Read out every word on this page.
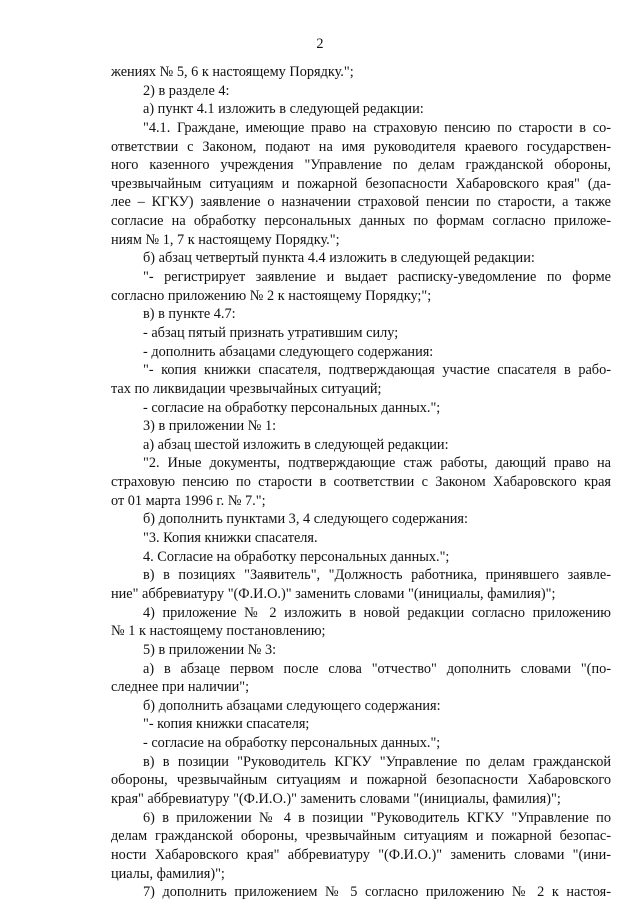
2
жениях № 5, 6 к настоящему Порядку.";
2) в разделе 4:
а) пункт 4.1 изложить в следующей редакции:
"4.1. Граждане, имеющие право на страховую пенсию по старости в со-
ответствии с Законом, подают на имя руководителя краевого государствен-
ного казенного учреждения "Управление по делам гражданской обороны,
чрезвычайным ситуациям и пожарной безопасности Хабаровского края" (да-
лее – КГКУ) заявление о назначении страховой пенсии по старости, а также
согласие на обработку персональных данных по формам согласно приложе-
ниям № 1, 7 к настоящему Порядку.";
б) абзац четвертый пункта 4.4 изложить в следующей редакции:
"- регистрирует заявление и выдает расписку-уведомление по форме
согласно приложению № 2 к настоящему Порядку;";
в) в пункте 4.7:
- абзац пятый признать утратившим силу;
- дополнить абзацами следующего содержания:
"- копия книжки спасателя, подтверждающая участие спасателя в рабо-
тах по ликвидации чрезвычайных ситуаций;
- согласие на обработку персональных данных.";
3) в приложении № 1:
а) абзац шестой изложить в следующей редакции:
"2. Иные документы, подтверждающие стаж работы, дающий право на
страховую пенсию по старости в соответствии с Законом Хабаровского края
от 01 марта 1996 г. № 7.";
б) дополнить пунктами 3, 4 следующего содержания:
"3. Копия книжки спасателя.
4. Согласие на обработку персональных данных.";
в) в позициях "Заявитель", "Должность работника, принявшего заявле-
ние" аббревиатуру "(Ф.И.О.)" заменить словами "(инициалы, фамилия)";
4) приложение № 2 изложить в новой редакции согласно приложению
№ 1 к настоящему постановлению;
5) в приложении № 3:
а) в абзаце первом после слова "отчество" дополнить словами "(по-
следнее при наличии";
б) дополнить абзацами следующего содержания:
"- копия книжки спасателя;
- согласие на обработку персональных данных.";
в) в позиции "Руководитель КГКУ "Управление по делам гражданской
обороны, чрезвычайным ситуациям и пожарной безопасности Хабаровского
края" аббревиатуру "(Ф.И.О.)" заменить словами "(инициалы, фамилия)";
6) в приложении № 4 в позиции "Руководитель КГКУ "Управление по
делам гражданской обороны, чрезвычайным ситуациям и пожарной безопас-
ности Хабаровского края" аббревиатуру "(Ф.И.О.)" заменить словами "(ини-
циалы, фамилия)";
7) дополнить приложением № 5 согласно приложению № 2 к настоя-
